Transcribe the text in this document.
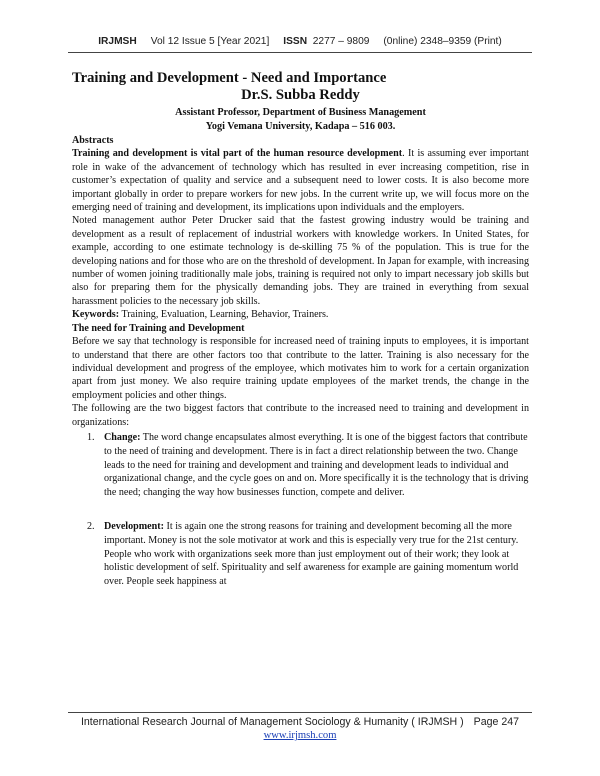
IRJMSH Vol 12 Issue 5 [Year 2021] ISSN 2277 – 9809 (0nline) 2348–9359 (Print)
Training and Development - Need and Importance
Dr.S. Subba Reddy
Assistant Professor, Department of Business Management
Yogi Vemana University, Kadapa – 516 003.
Abstracts

Training and development is vital part of the human resource development. It is assuming ever important role in wake of the advancement of technology which has resulted in ever increasing competition, rise in customer’s expectation of quality and service and a subsequent need to lower costs. It is also become more important globally in order to prepare workers for new jobs. In the current write up, we will focus more on the emerging need of training and development, its implications upon individuals and the employers.

Noted management author Peter Drucker said that the fastest growing industry would be training and development as a result of replacement of industrial workers with knowledge workers. In United States, for example, according to one estimate technology is de-skilling 75 % of the population. This is true for the developing nations and for those who are on the threshold of development. In Japan for example, with increasing number of women joining traditionally male jobs, training is required not only to impart necessary job skills but also for preparing them for the physically demanding jobs. They are trained in everything from sexual harassment policies to the necessary job skills.

Keywords: Training, Evaluation, Learning, Behavior, Trainers.

The need for Training and Development

Before we say that technology is responsible for increased need of training inputs to employees, it is important to understand that there are other factors too that contribute to the latter. Training is also necessary for the individual development and progress of the employee, which motivates him to work for a certain organization apart from just money. We also require training update employees of the market trends, the change in the employment policies and other things.

The following are the two biggest factors that contribute to the increased need to training and development in organizations:

1. Change: The word change encapsulates almost everything. It is one of the biggest factors that contribute to the need of training and development. There is in fact a direct relationship between the two. Change leads to the need for training and development and training and development leads to individual and organizational change, and the cycle goes on and on. More specifically it is the technology that is driving the need; changing the way how businesses function, compete and deliver.
2. Development: It is again one the strong reasons for training and development becoming all the more important. Money is not the sole motivator at work and this is especially very true for the 21st century. People who work with organizations seek more than just employment out of their work; they look at holistic development of self. Spirituality and self awareness for example are gaining momentum world over. People seek happiness at
International Research Journal of Management Sociology & Humanity ( IRJMSH ) Page 247
www.irjmsh.com
